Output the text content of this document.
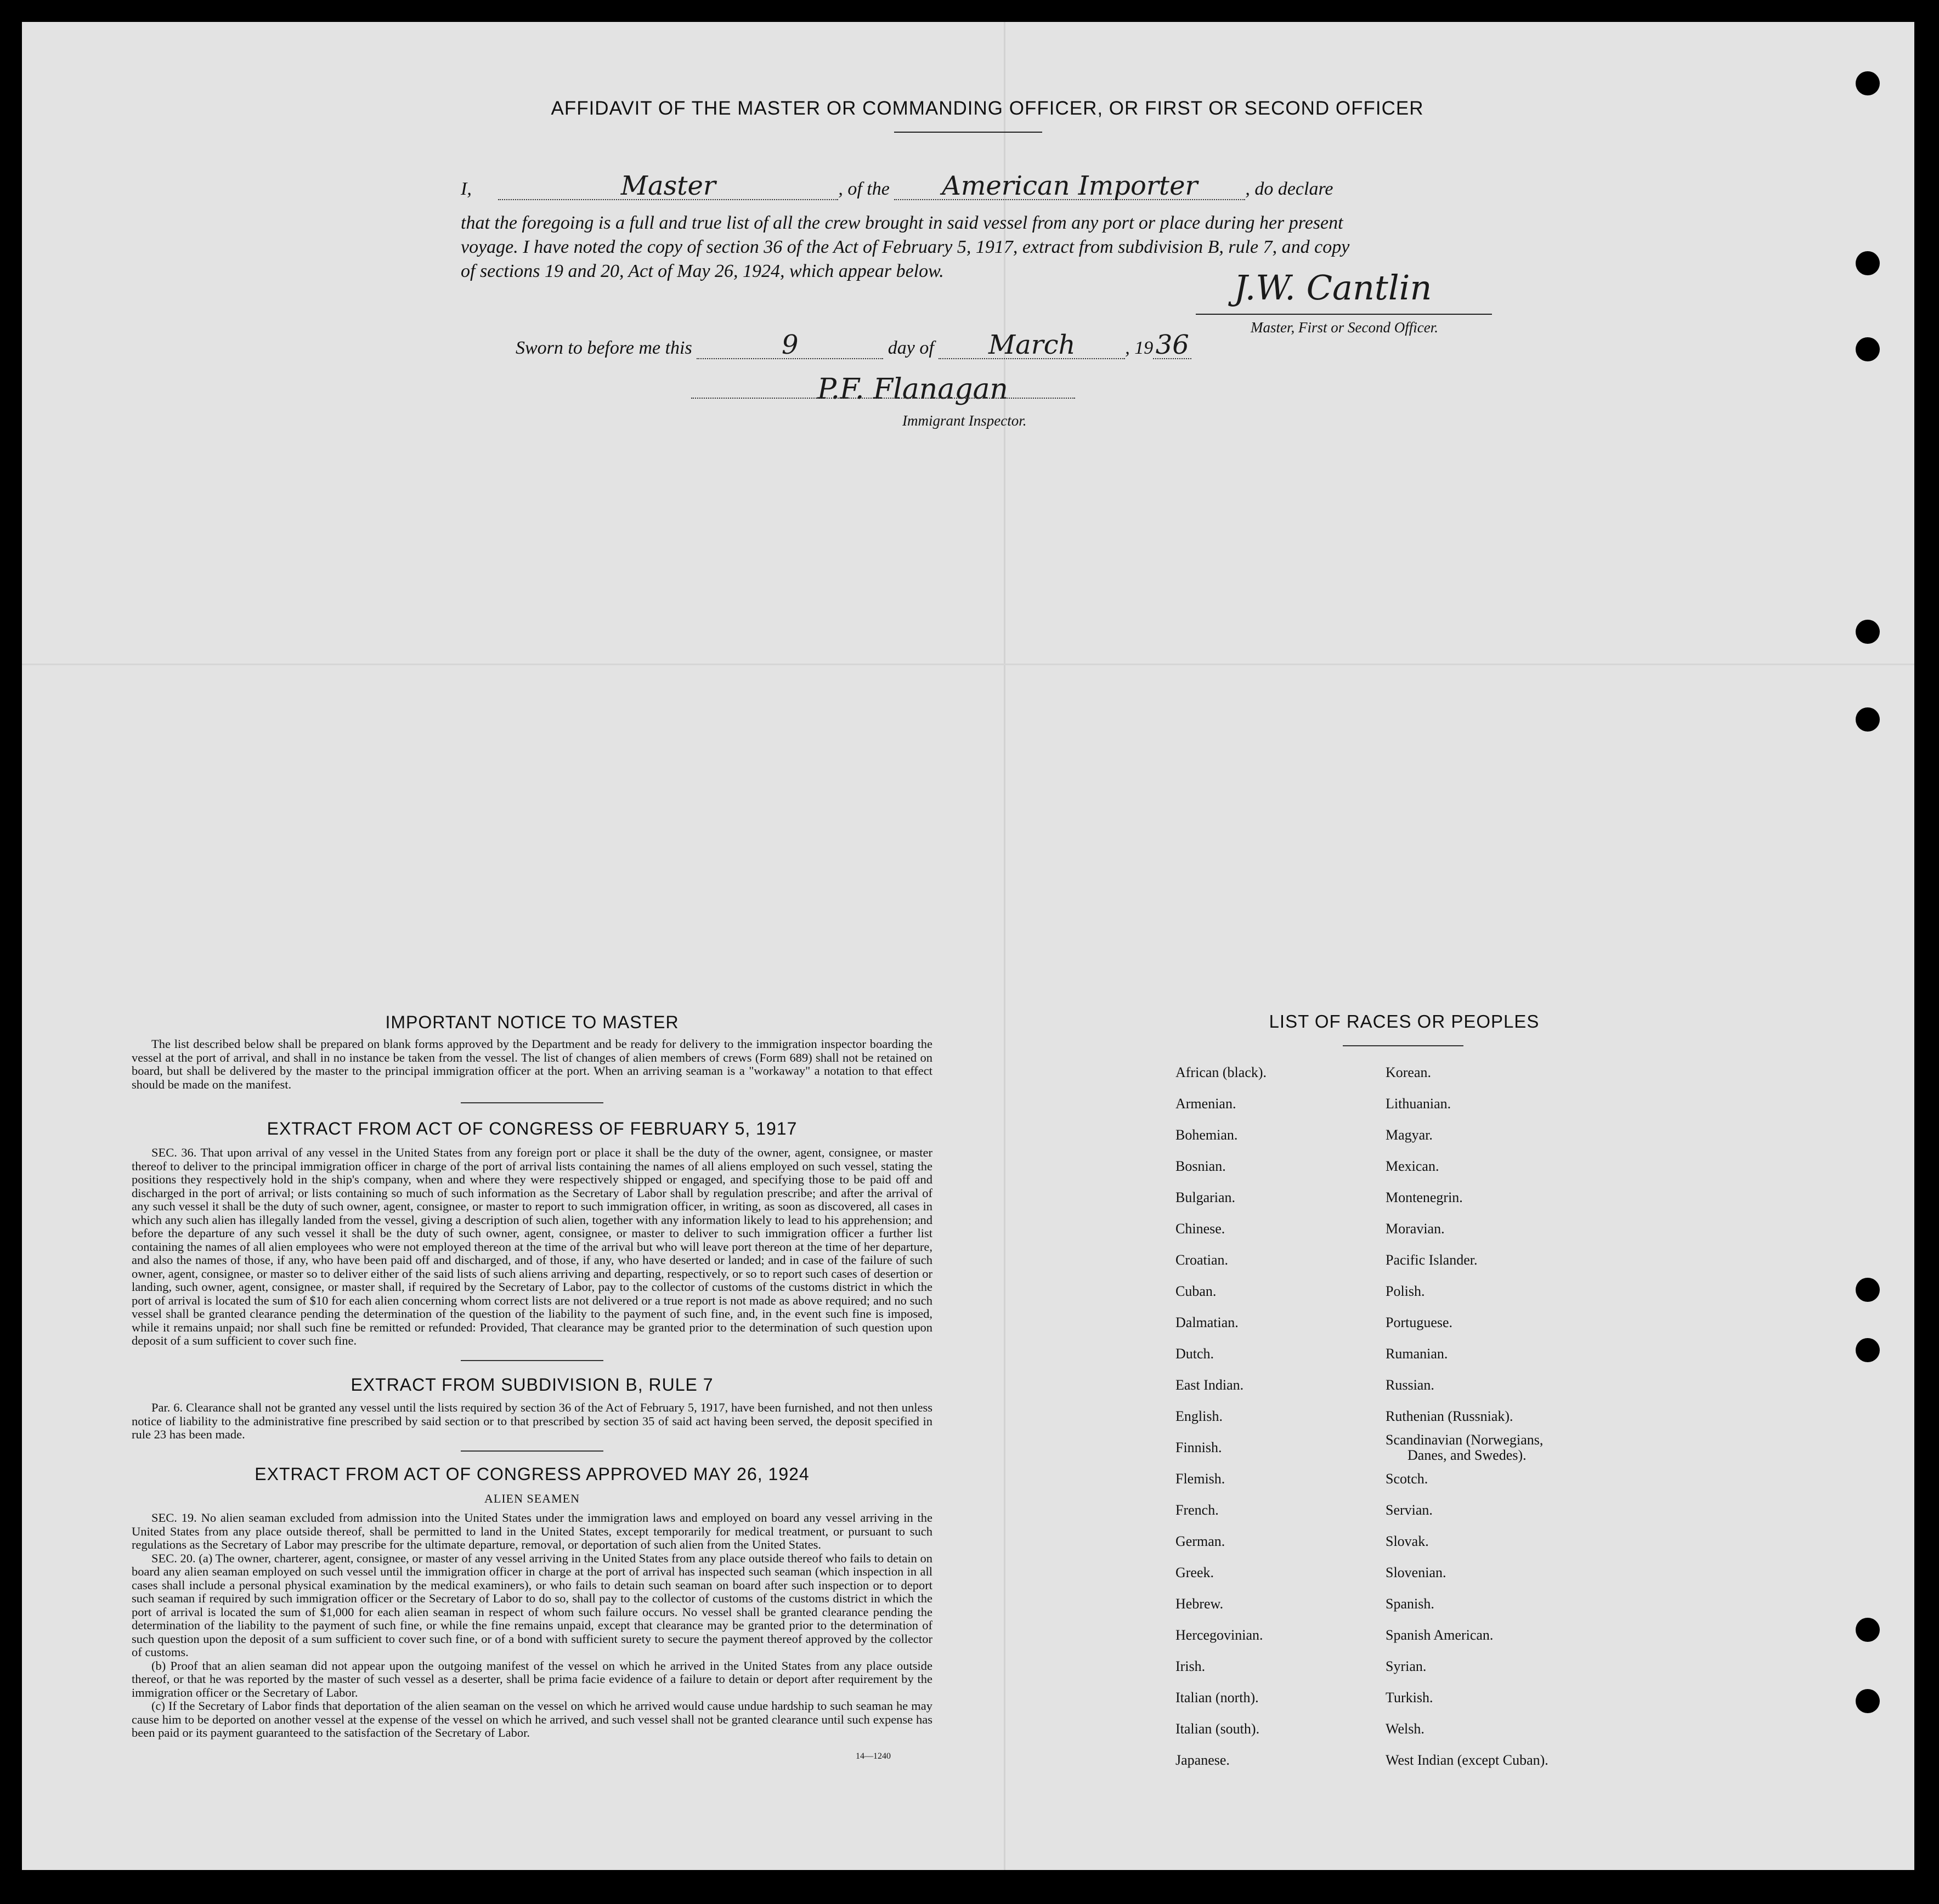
AFFIDAVIT OF THE MASTER OR COMMANDING OFFICER, OR FIRST OR SECOND OFFICER
I,	Master	, of the American Importer	, do declare
that the foregoing is a full and true list of all the crew brought in said vessel from any port or place during her present
voyage. I have noted the copy of section 36 of the Act of February 5, 1917, extract from subdivision B, rule 7, and copy
of sections 19 and 20, Act of May 26, 1924, which appear below.	J.W. Cantlin
Master, First or Second Officer.
Sworn to before me this	9	day of March	, 1936
P.F. Flanagan
Immigrant Inspector.
IMPORTANT NOTICE TO MASTER
The list described below shall be prepared on blank forms approved by the Department and be ready for delivery to the immigration inspector boarding the vessel at the port of arrival, and shall in no instance be taken from the vessel. The list of changes of alien members of crews (Form 689) shall not be retained on board, but shall be delivered by the master to the principal immigration officer at the port. When an arriving seaman is a "workaway" a notation to that effect should be made on the manifest.
EXTRACT FROM ACT OF CONGRESS OF FEBRUARY 5, 1917
SEC. 36. That upon arrival of any vessel in the United States from any foreign port or place it shall be the duty of the owner, agent, consignee, or master thereof to deliver to the principal immigration officer in charge of the port of arrival lists containing the names of all aliens employed on such vessel, stating the positions they respectively hold in the ship's company, when and where they were respectively shipped or engaged, and specifying those to be paid off and discharged in the port of arrival; or lists containing so much of such information as the Secretary of Labor shall by regulation prescribe; and after the arrival of any such vessel it shall be the duty of such owner, agent, consignee, or master to report to such immigration officer, in writing, as soon as discovered, all cases in which any such alien has illegally landed from the vessel, giving a description of such alien, together with any information likely to lead to his apprehension; and before the departure of any such vessel it shall be the duty of such owner, agent, consignee, or master to deliver to such immigration officer a further list containing the names of all alien employees who were not employed thereon at the time of the arrival but who will leave port thereon at the time of her departure, and also the names of those, if any, who have been paid off and discharged, and of those, if any, who have deserted or landed; and in case of the failure of such owner, agent, consignee, or master so to deliver either of the said lists of such aliens arriving and departing, respectively, or so to report such cases of desertion or landing, such owner, agent, consignee, or master shall, if required by the Secretary of Labor, pay to the collector of customs of the customs district in which the port of arrival is located the sum of $10 for each alien concerning whom correct lists are not delivered or a true report is not made as above required; and no such vessel shall be granted clearance pending the determination of the question of the liability to the payment of such fine, and, in the event such fine is imposed, while it remains unpaid; nor shall such fine be remitted or refunded: Provided, That clearance may be granted prior to the determination of such question upon deposit of a sum sufficient to cover such fine.
EXTRACT FROM SUBDIVISION B, RULE 7
Par. 6. Clearance shall not be granted any vessel until the lists required by section 36 of the Act of February 5, 1917, have been furnished, and not then unless notice of liability to the administrative fine prescribed by said section or to that prescribed by section 35 of said act having been served, the deposit specified in rule 23 has been made.
EXTRACT FROM ACT OF CONGRESS APPROVED MAY 26, 1924
ALIEN SEAMEN

SEC. 19. No alien seaman excluded from admission into the United States under the immigration laws and employed on board any vessel arriving in the United States from any place outside thereof, shall be permitted to land in the United States, except temporarily for medical treatment, or pursuant to such regulations as the Secretary of Labor may prescribe for the ultimate departure, removal, or deportation of such alien from the United States.

SEC. 20. (a) The owner, charterer, agent, consignee, or master of any vessel arriving in the United States from any place outside thereof who fails to detain on board any alien seaman employed on such vessel until the immigration officer in charge at the port of arrival has inspected such seaman (which inspection in all cases shall include a personal physical examination by the medical examiners), or who fails to detain such seaman on board after such inspection or to deport such seaman if required by such immigration officer or the Secretary of Labor to do so, shall pay to the collector of customs of the customs district in which the port of arrival is located the sum of $1,000 for each alien seaman in respect of whom such failure occurs. No vessel shall be granted clearance pending the determination of the liability to the payment of such fine, or while the fine remains unpaid, except that clearance may be granted prior to the determination of such question upon the deposit of a sum sufficient to cover such fine, or of a bond with sufficient surety to secure the payment thereof approved by the collector of customs.

(b) Proof that an alien seaman did not appear upon the outgoing manifest of the vessel on which he arrived in the United States from any place outside thereof, or that he was reported by the master of such vessel as a deserter, shall be prima facie evidence of a failure to detain or deport after requirement by the immigration officer or the Secretary of Labor.

(c) If the Secretary of Labor finds that deportation of the alien seaman on the vessel on which he arrived would cause undue hardship to such seaman he may cause him to be deported on another vessel at the expense of the vessel on which he arrived, and such vessel shall not be granted clearance until such expense has been paid or its payment guaranteed to the satisfaction of the Secretary of Labor.

14—1240
LIST OF RACES OR PEOPLES
African (black).
Armenian.
Bohemian.
Bosnian.
Bulgarian.
Chinese.
Croatian.
Cuban.
Dalmatian.
Dutch.
East Indian.
English.
Finnish.
Flemish.
French.
German.
Greek.
Hebrew.
Hercegovinian.
Irish.
Italian (north).
Italian (south).
Japanese.
Korean.
Lithuanian.
Magyar.
Mexican.
Montenegrin.
Moravian.
Pacific Islander.
Polish.
Portuguese.
Rumanian.
Russian.
Ruthenian (Russniak).
Scandinavian (Norwegians,
Danes, and Swedes).
Scotch.
Servian.
Slovak.
Slovenian.
Spanish.
Spanish American.
Syrian.
Turkish.
Welsh.
West Indian (except Cuban).
